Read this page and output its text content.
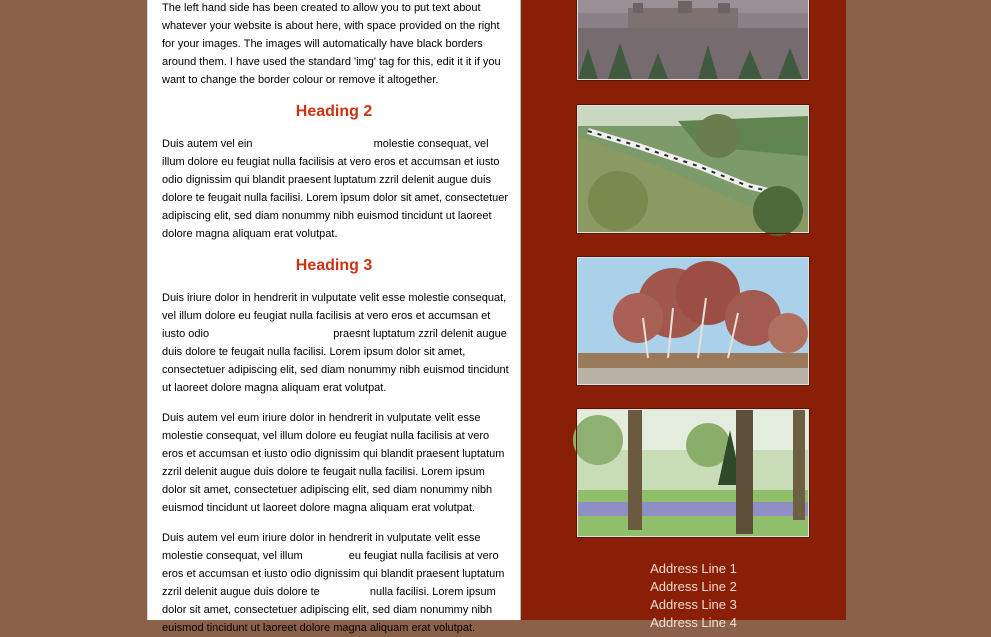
The left hand side has been created to allow you to put text about whatever your website is about here, with space provided on the right for your images. The images will automatically have black borders around them. I have used the standard 'img' tag for this, edit it it if you want to change the border colour or remove it altogether.

Heading 2

Duis autem vel ein	molestie consequat, vel illum dolore eu feugiat nulla facilisis at vero eros et accumsan et iusto odio dignissim qui blandit praesent luptatum zzril delenit augue duis dolore te feugait nulla facilisi. Lorem ipsum dolor sit amet, consectetuer adipiscing elit, sed diam nonummy nibh euismod tincidunt ut laoreet dolore magna aliquam erat volutpat.

Heading 3

Duis iriure dolor in hendrerit in vulputate velit esse molestie consequat, vel illum dolore eu feugiat nulla facilisis at vero eros et accumsan et iusto odio	praesnt luptatum zzril delenit augue duis dolore te feugait nulla facilisi. Lorem ipsum dolor sit amet, consectetuer adipiscing elit, sed diam nonummy nibh euismod tincidunt ut laoreet dolore magna aliquam erat volutpat.

Duis autem vel eum iriure dolor in hendrerit in vulputate velit esse molestie consequat, vel illum dolore eu feugiat nulla facilisis at vero eros et accumsan et iusto odio dignissim qui blandit praesent luptatum zzril delenit augue duis dolore te feugait nulla facilisi. Lorem ipsum dolor sit amet, consectetuer adipiscing elit, sed diam nonummy nibh euismod tincidunt ut laoreet dolore magna aliquam erat volutpat.

Duis autem vel eum iriure dolor in hendrerit in vulputate velit esse molestie consequat, vel illum	eu feugiat nulla facilisis at vero eros et accumsan et iusto odio dignissim qui blandit praesent luptatum zzril delenit augue duis dolore te	nulla facilisi. Lorem ipsum dolor sit amet, consectetuer adipiscing elit, sed diam nonummy nibh euismod tincidunt ut laoreet dolore magna aliquam erat volutpat.

Address Line 1
Address Line 2
Address Line 3
Address Line 4
